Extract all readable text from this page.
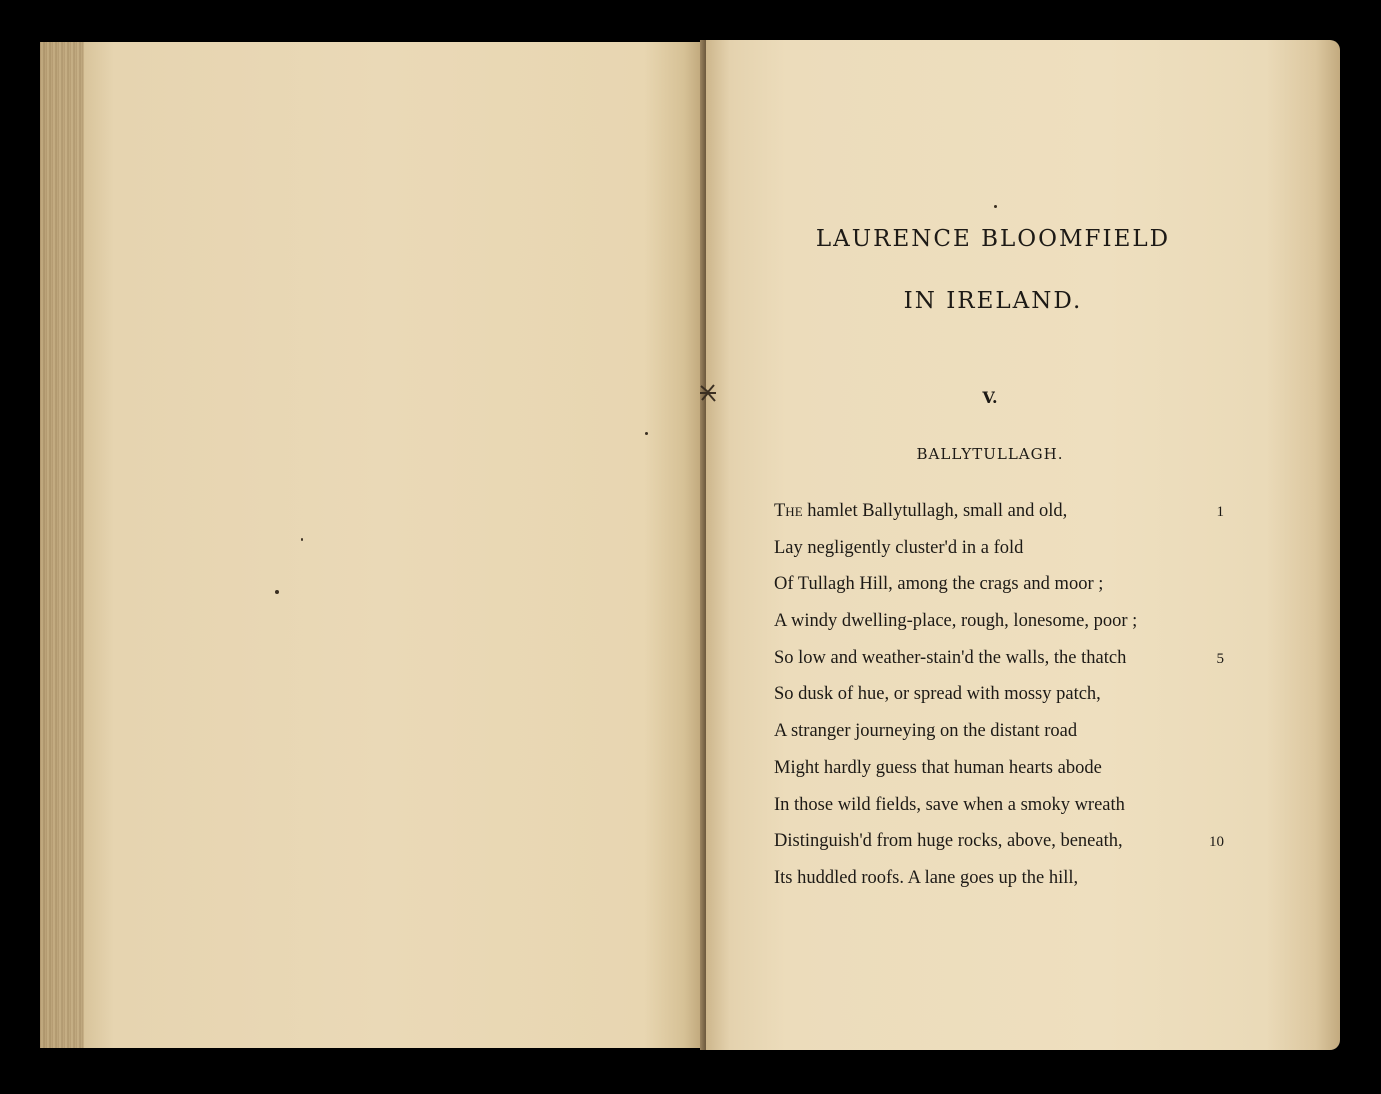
LAURENCE BLOOMFIELD
IN IRELAND.
V.
BALLYTULLAGH.
The hamlet Ballytullagh, small and old,	1
Lay negligently cluster'd in a fold
Of Tullagh Hill, among the crags and moor ;
A windy dwelling-place, rough, lonesome, poor ;
So low and weather-stain'd the walls, the thatch	5
So dusk of hue, or spread with mossy patch,
A stranger journeying on the distant road
Might hardly guess that human hearts abode
In those wild fields, save when a smoky wreath
Distinguish'd from huge rocks, above, beneath,	10
Its huddled roofs. A lane goes up the hill,
